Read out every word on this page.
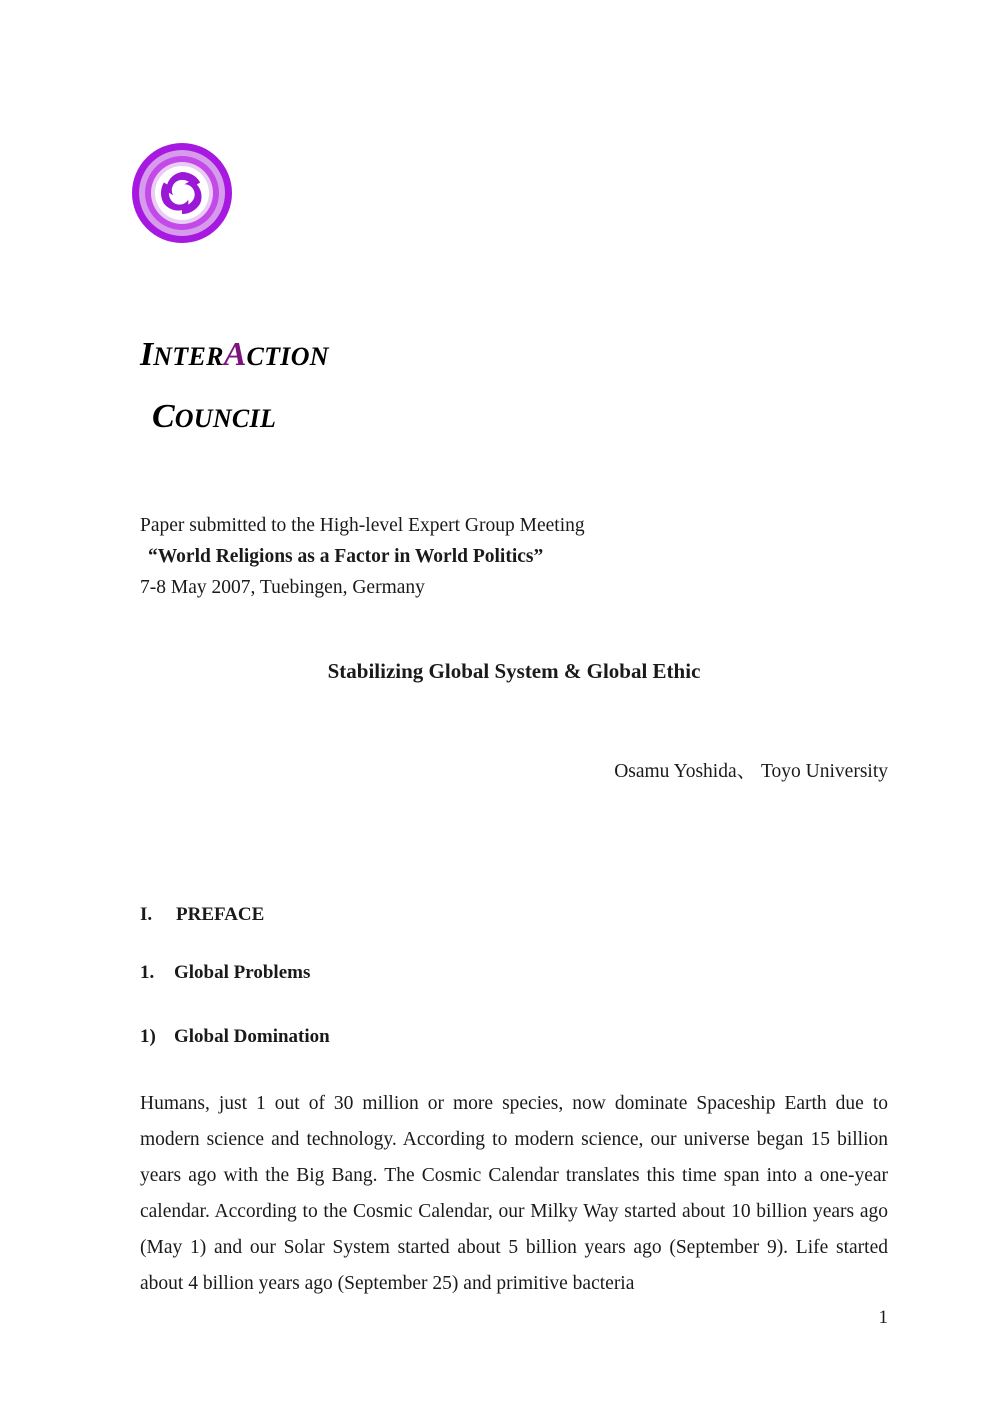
INTERACTION
COUNCIL
Paper submitted to the High-level Expert Group Meeting
“World Religions as a Factor in World Politics”
7-8 May 2007, Tuebingen, Germany
Stabilizing Global System & Global Ethic
Osamu Yoshida、 Toyo University
I. PREFACE
1. Global Problems
1) Global Domination
Humans, just 1 out of 30 million or more species, now dominate Spaceship Earth due to modern science and technology. According to modern science, our universe began 15 billion years ago with the Big Bang. The Cosmic Calendar translates this time span into a one-year calendar. According to the Cosmic Calendar, our Milky Way started about 10 billion years ago (May 1) and our Solar System started about 5 billion years ago (September 9). Life started about 4 billion years ago (September 25) and primitive bacteria
1
